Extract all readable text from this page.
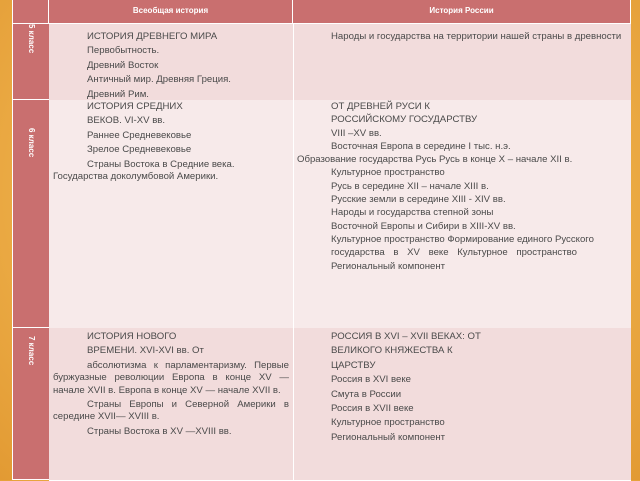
Всеобщая история	История России
5 класс
6 класс
7 класс

ИСТОРИЯ ДРЕВНЕГО МИРА

Первобытность.

Древний Восток

Античный мир. Древняя Греция.

Древний Рим.

Народы и государства на территории нашей страны в древности

ИСТОРИЯ СРЕДНИХ

ВЕКОВ. VI-XV вв.

Раннее Средневековье

Зрелое Средневековье

Страны Востока в Средние века. Государства доколумбовой Америки.

ОТ ДРЕВНЕЙ РУСИ К

РОССИЙСКОМУ ГОСУДАРСТВУ

VIII –XV вв.

Восточная Европа в середине I тыс. н.э.

Образование государства Русь Русь в конце X – начале XII в.

Культурное пространство

Русь в середине ХII – начале XIII в.

Русские земли в середине XIII - XIV вв.

Народы и государства степной зоны

Восточной Европы и Сибири в XIII-XV вв.

Культурное пространство Формирование единого Русского

государства в XV веке Культурное пространство

Региональный компонент

ИСТОРИЯ НОВОГО

ВРЕМЕНИ. XVI-XVI вв. От

абсолютизма к парламентаризму. Первые буржуазные революции Европа в конце ХV — начале XVII в. Европа в конце ХV — начале XVII в.

Страны Европы и Северной Америки в середине XVII— ХVIII в.

Страны Востока в XV —XVIII вв.

РОССИЯ В XVI – XVII ВЕКАХ: ОТ

ВЕЛИКОГО КНЯЖЕСТВА К

ЦАРСТВУ

Россия в XVI веке

Смута в России

Россия в XVII веке

Культурное пространство

Региональный компонент
